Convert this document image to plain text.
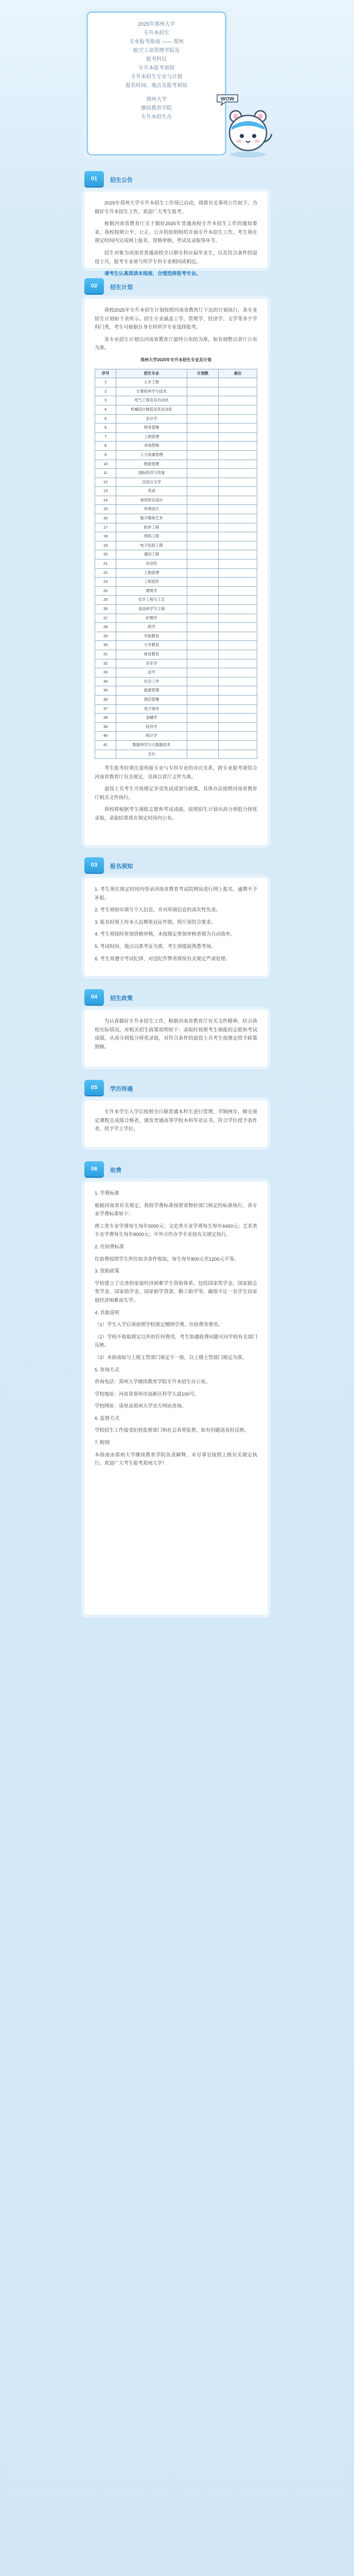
2025年郑州大学
专升本招生
专业报考指南 —— 郑州
航空工业管理学院及
报考科目
专升本报考须知
专升本招生专业与计划
报名时间、地点及报考须知
郑州大学
继续教育学院
专升本招生办
WOW
01	招生公告

2025年郑州大学专升本招生工作现已启动，现将有关事项公告如下。为做好专升本招生工作，欢迎广大考生报考。

根据河南省教育厅关于做好2025年普通高校专升本招生工作的通知要求，我校按照公平、公正、公开的原则组织开展专升本招生工作，考生须在规定时间内完成网上报名、资格审核、考试及录取等环节。

招生对象为河南省普通高校全日制专科应届毕业生，以及符合条件的退役士兵，报考专业须与所学专科专业相同或相近。

请考生认真阅读本指南，合理选择报考专业。

02	招生计划

我校2025年专升本招生计划按照河南省教育厅下达的计划执行，各专业招生计划如下表所示。招生专业涵盖工学、管理学、经济学、文学等多个学科门类，考生可根据自身专科所学专业选择报考。

各专业招生计划以河南省教育厅最终公布的为准，如有调整以省厅公布为准。

郑州大学2025年专升本招生专业及计划
序号	招生专业	计划数	备注
1	土木工程		
2	计算机科学与技术		
3	电气工程及其自动化		
4	机械设计制造及其自动化		
5	会计学		
6	财务管理		
7	工商管理		
8	市场营销		
9	人力资源管理		
10	物流管理		
11	国际经济与贸易		
12	汉语言文学		
13	英语		
14	视觉传达设计		
15	环境设计		
16	数字媒体艺术		
17	软件工程		
18	网络工程		
19	电子信息工程		
20	通信工程		
21	自动化		
22	工程管理		
23	工程造价		
24	建筑学		
25	化学工程与工艺		
26	食品科学与工程		
27	护理学		
28	药学		
29	学前教育		
30	小学教育		
31	体育教育		
32	音乐学		
33	法学		
34	社会工作		
35	旅游管理		
36	酒店管理		
37	电子商务		
38	金融学		
39	经济学		
40	统计学		
41	数据科学与大数据技术		
	合计		

考生报考时须注意所报专业与专科专业的对应关系，跨专业报考须符合河南省教育厅有关规定，具体以省厅文件为准。

退役士兵考生可按规定享受免试或加分政策，具体办法按照河南省教育厅相关文件执行。

我校将根据考生填报志愿和考试成绩，按照招生计划从高分到低分择优录取，录取结果将在规定时间内公布。

03	报名须知

1. 考生须在规定时间内登录河南省教育考试院网站进行网上报名，逾期不予补报。

2. 考生须如实填写个人信息，并对所填信息的真实性负责。

3. 报名时须上传本人近期免冠证件照，照片须符合要求。

4. 考生须按时参加资格审核，未按规定参加审核者视为自动放弃。

5. 考试时间、地点以准考证为准，考生须提前熟悉考场。

6. 考生须遵守考试纪律，对违纪作弊者将按有关规定严肃处理。

04	招生政策

为认真做好专升本招生工作，根据河南省教育厅有关文件精神，结合我校实际情况，对相关招生政策说明如下：录取时按照考生填报的志愿和考试成绩，从高分到低分择优录取，对符合条件的退役士兵考生按规定给予政策照顾。

05	学历待遇

专升本学生入学后按照全日制普通本科生进行管理，学制两年，修完规定课程且成绩合格者，颁发普通高等学校本科毕业证书，符合学位授予条件者，授予学士学位。

06	收费

1. 学费标准

根据河南省有关规定，我校学费标准按照省物价部门核定的标准执行，各专业学费标准如下：

理工类专业学费每生每年5000元；文史类专业学费每生每年4400元；艺术类专业学费每生每年8000元；中外合作办学专业按有关规定执行。

2. 住宿费标准

住宿费按照学生所住宿舍条件收取，每生每年800元至1200元不等。

3. 资助政策

学校建立了完善的家庭经济困难学生资助体系，包括国家奖学金、国家励志奖学金、国家助学金、国家助学贷款、勤工助学等，确保不让一名学生因家庭经济困难而失学。

4. 其他说明

（1）学生入学后须按照学校规定缴纳学费、住宿费等费用。

（2）学校不收取规定以外的任何费用，考生如遇收费问题可向学校有关部门反映。

（3）本指南如与上级主管部门规定不一致，以上级主管部门规定为准。

5. 咨询方式

咨询电话：郑州大学继续教育学院专升本招生办公室。

学校地址：河南省郑州市高新区科学大道100号。

学校网址：请登录郑州大学官方网站查询。

6. 监督方式

学校招生工作接受纪检监察部门和社会各界监督，如有问题请及时反映。

7. 附则

本指南由郑州大学继续教育学院负责解释，未尽事宜按照上级有关规定执行。欢迎广大考生报考郑州大学！
